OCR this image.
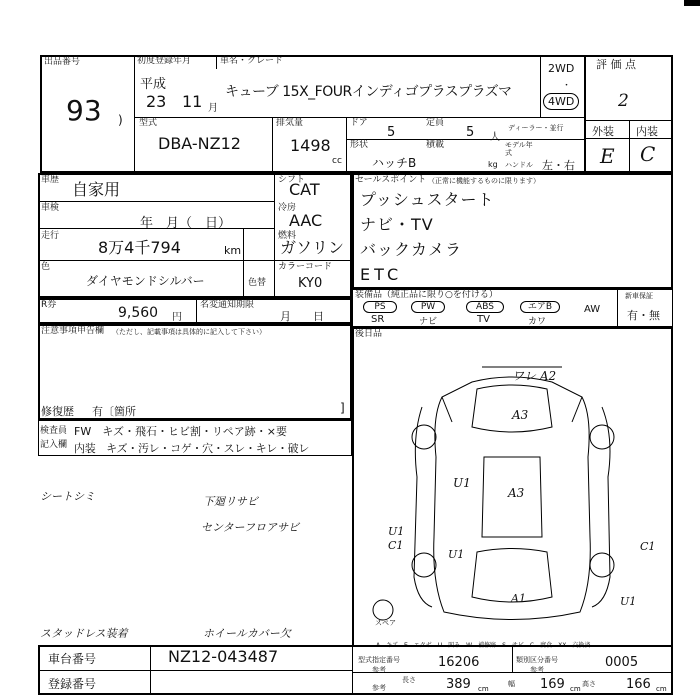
出品番号
93 )
初度登録年月	車名・グレード
平成
23 11 月
キューブ 15X_FOURインディゴプラスプラズマ
2WD
・
4WD
評 価 点
2
外装 内装
E C
型式
DBA-NZ12
排気量
1498
cc
ドア
5
定員
5 人
ディーラー・並行
形状
ハッチB
積載
kg
モデル年式
ハンドル 左・右
車歴 自家用
車検
年　月（　日）
走行
8万4千794	km
シフト
CAT
冷房
AAC
燃料
ガソリン
色
ダイヤモンドシルバー	色替
カラーコード
KY0
R券	9,560 円
名変通知期限
月　　日
注意事項申告欄 （ただし、記載事項は具体的に記入して下さい）
修復歴 有〔箇所	]
検査員記入欄
FW　キズ・飛石・ヒビ割・リペア跡・×要
内装　キズ・汚レ・コゲ・穴・スレ・キレ・破レ
セールスポイント （正常に機能するものに限ります）
プッシュスタート
ナビ・TV
バックカメラ
ETC
装備品（純正品に限り○を付ける）	新車保証
有・無
PS
SR
PW
ナビ
ABS
TV
エアB
カワ
AW
後日品
ワレ A2
A3
A3
U1
U1
C1	C1
U1
A1	U1
スペア
A―キズ　E―エクボ　U―凹み　W―補修跡　S―サビ　C―腐食　XX―交換済
シートシミ	下廻リサビ
センターフロアサビ
スタッドレス装着	ホイールカバー欠
車台番号	NZ12-043487
登録番号
型式指定番号
参考	16206	類別区分番号
参考	0005
長さ
参考	389 cm
幅 169 cm
高さ 166 cm
